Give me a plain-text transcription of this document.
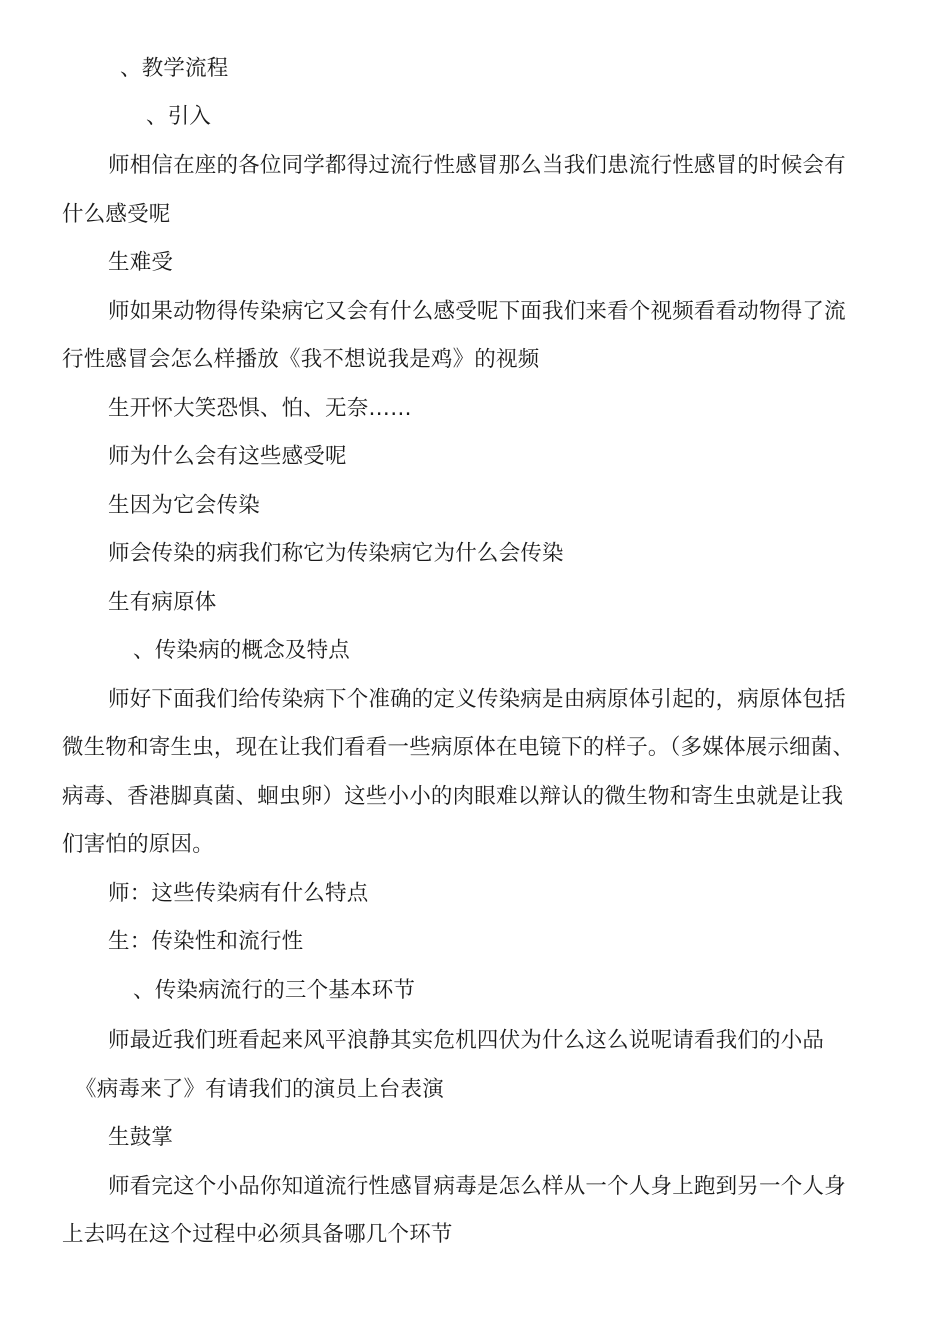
、教学流程
、引入
师相信在座的各位同学都得过流行性感冒那么当我们患流行性感冒的时候会有
什么感受呢
生难受
师如果动物得传染病它又会有什么感受呢下面我们来看个视频看看动物得了流
行性感冒会怎么样播放《我不想说我是鸡》的视频
生开怀大笑恐惧、怕、无奈……
师为什么会有这些感受呢
生因为它会传染
师会传染的病我们称它为传染病它为什么会传染
生有病原体
、传染病的概念及特点
师好下面我们给传染病下个准确的定义传染病是由病原体引起的，病原体包括
微生物和寄生虫，现在让我们看看一些病原体在电镜下的样子。（多媒体展示细菌、
病毒、香港脚真菌、蛔虫卵）这些小小的肉眼难以辩认的微生物和寄生虫就是让我
们害怕的原因。
师：这些传染病有什么特点
生：传染性和流行性
、传染病流行的三个基本环节
师最近我们班看起来风平浪静其实危机四伏为什么这么说呢请看我们的小品
《病毒来了》有请我们的演员上台表演
生鼓掌
师看完这个小品你知道流行性感冒病毒是怎么样从一个人身上跑到另一个人身
上去吗在这个过程中必须具备哪几个环节
